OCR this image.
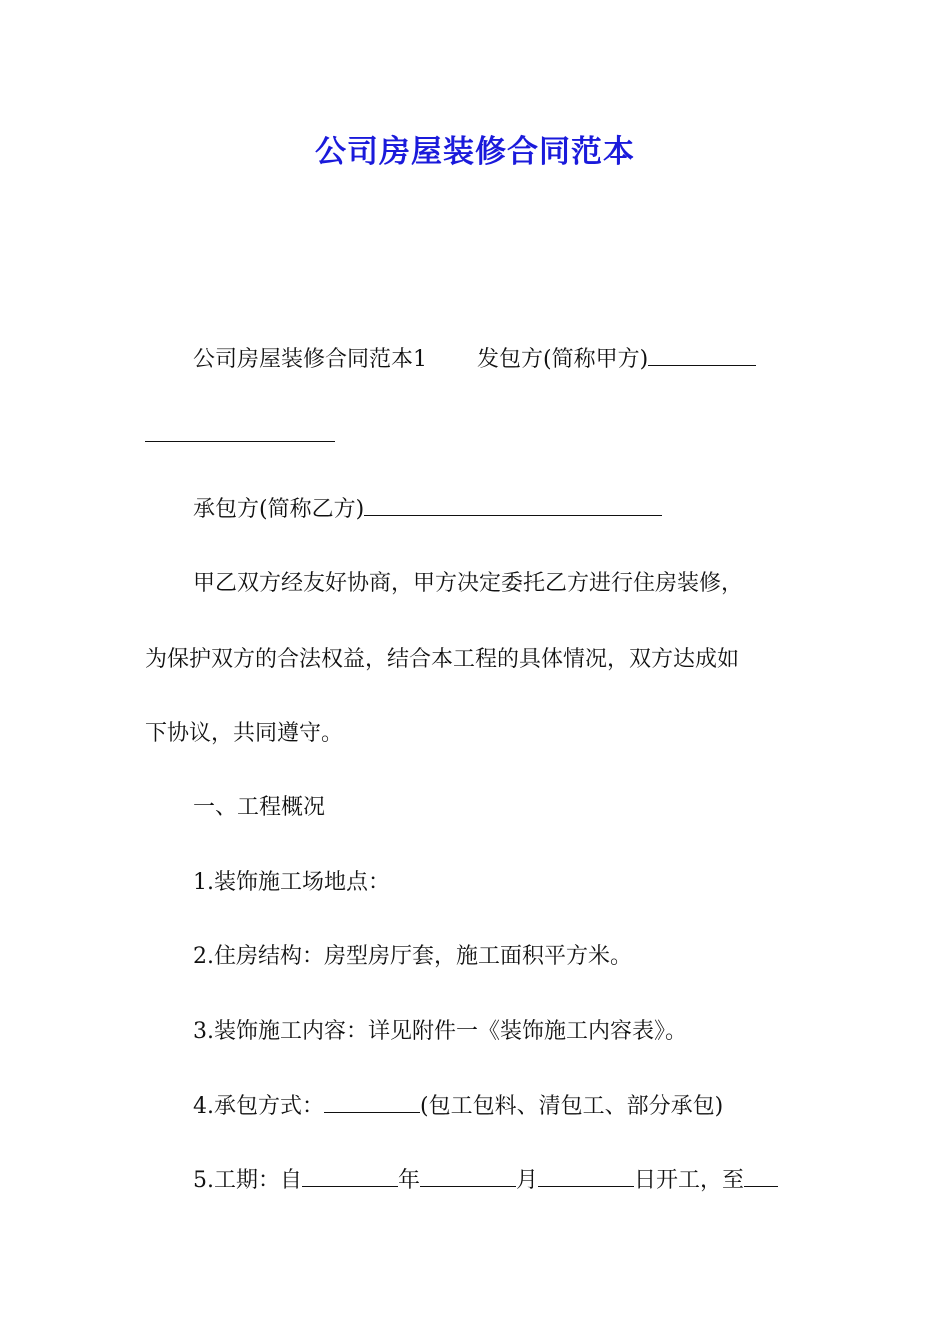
公司房屋装修合同范本
公司房屋装修合同范本1 发包方(简称甲方)
承包方(简称乙方)
甲乙双方经友好协商，甲方决定委托乙方进行住房装修，
为保护双方的合法权益，结合本工程的具体情况，双方达成如
下协议，共同遵守。
一、工程概况
1.装饰施工场地点：
2.住房结构：房型房厅套，施工面积平方米。
3.装饰施工内容：详见附件一《装饰施工内容表》。
4.承包方式：	(包工包料、清包工、部分承包)
5.工期：自	年	月	日开工，至
